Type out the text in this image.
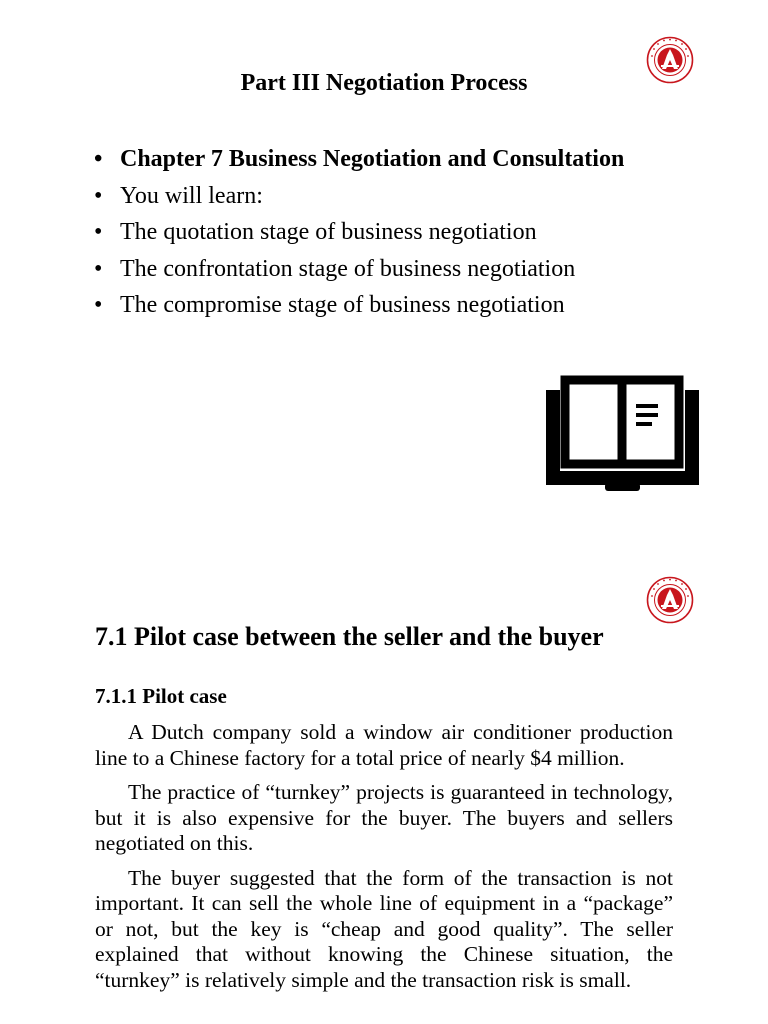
Part III Negotiation Process
• Chapter 7 Business Negotiation and Consultation
• You will learn:
• The quotation stage of business negotiation
• The confrontation stage of business negotiation
• The compromise stage of business negotiation
7.1 Pilot case between the seller and the buyer
7.1.1 Pilot case

A Dutch company sold a window air conditioner production line to a Chinese factory for a total price of nearly $4 million.

The practice of “turnkey” projects is guaranteed in technology, but it is also expensive for the buyer. The buyers and sellers negotiated on this.

The buyer suggested that the form of the transaction is not important. It can sell the whole line of equipment in a “package” or not, but the key is “cheap and good quality”. The seller explained that without knowing the Chinese situation, the “turnkey” is relatively simple and the transaction risk is small.
